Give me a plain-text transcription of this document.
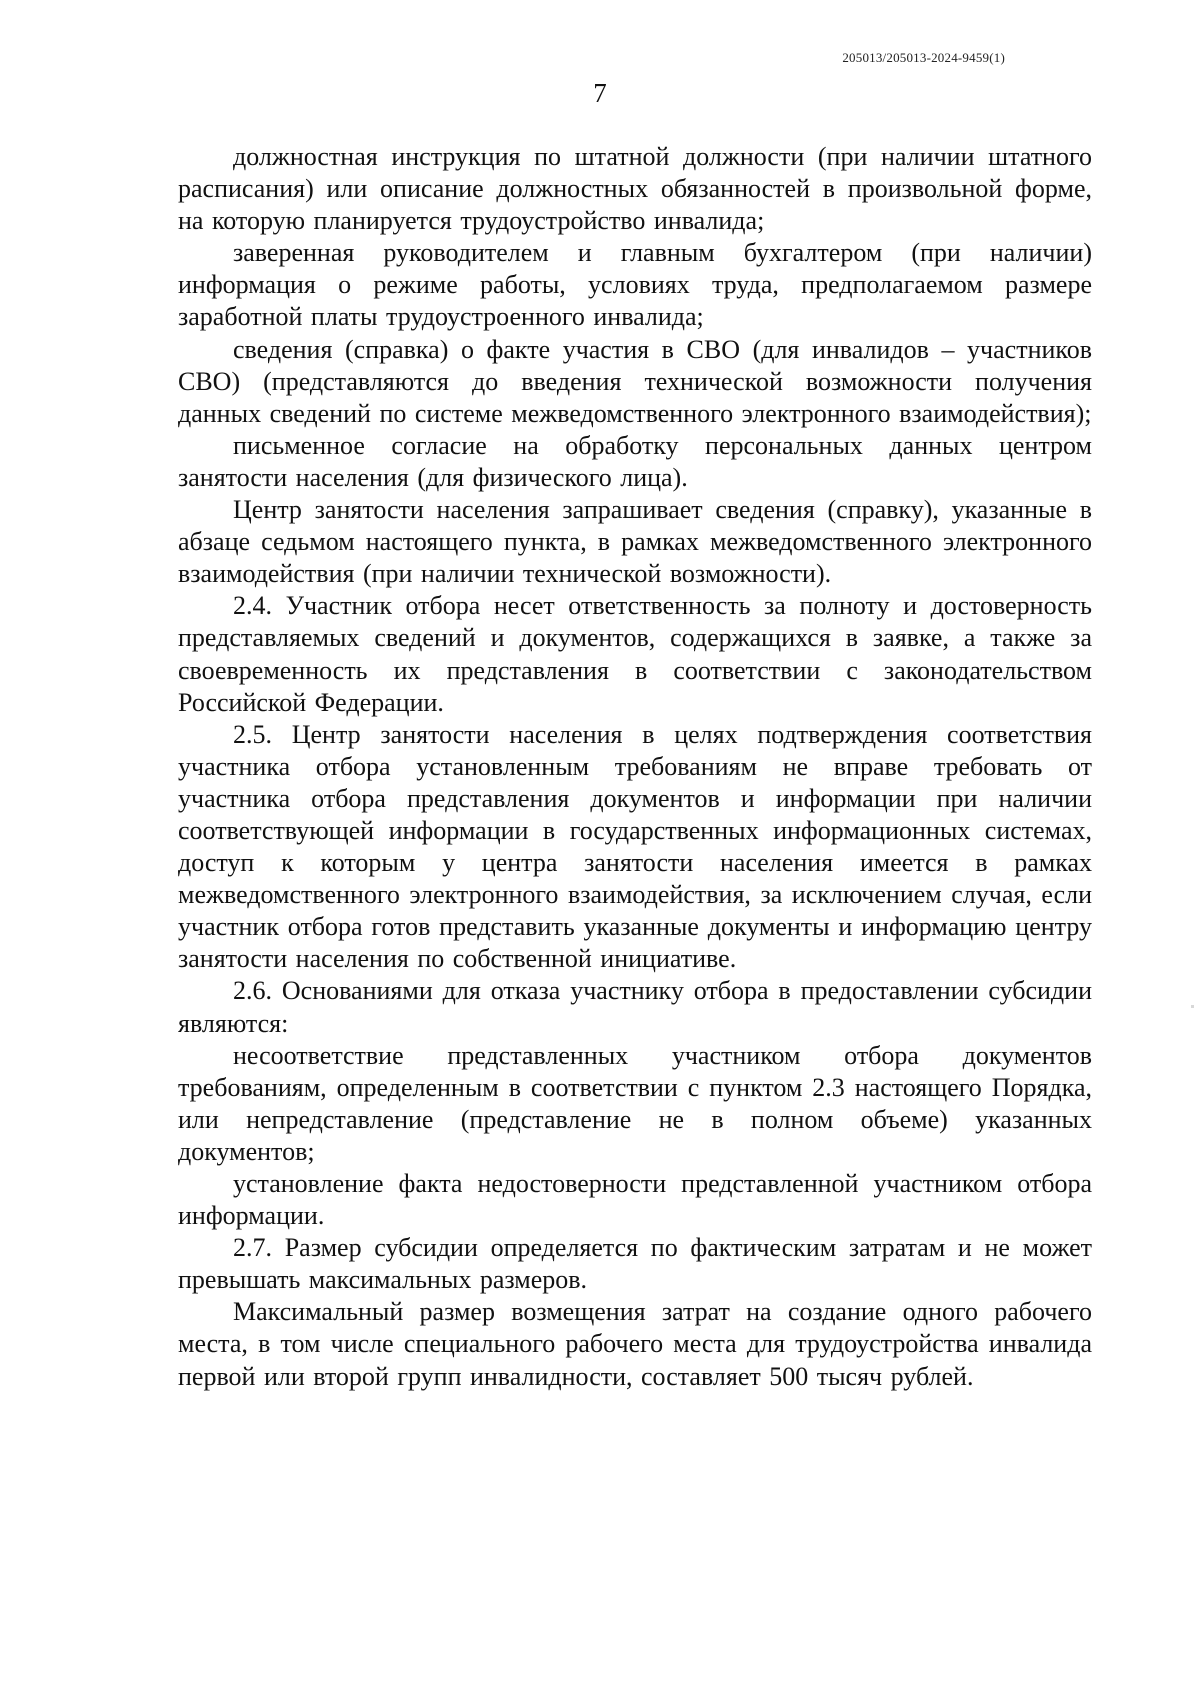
205013/205013-2024-9459(1)
7

должностная инструкция по штатной должности (при наличии штатного расписания) или описание должностных обязанностей в произвольной форме, на которую планируется трудоустройство инвалида;

заверенная руководителем и главным бухгалтером (при наличии) информация о режиме работы, условиях труда, предполагаемом размере заработной платы трудоустроенного инвалида;

сведения (справка) о факте участия в СВО (для инвалидов – участников СВО) (представляются до введения технической возможности получения данных сведений по системе межведомственного электронного взаимодействия);

письменное согласие на обработку персональных данных центром занятости населения (для физического лица).

Центр занятости населения запрашивает сведения (справку), указанные в абзаце седьмом настоящего пункта, в рамках межведомственного электронного взаимодействия (при наличии технической возможности).

2.4. Участник отбора несет ответственность за полноту и достоверность представляемых сведений и документов, содержащихся в заявке, а также за своевременность их представления в соответствии с законодательством Российской Федерации.

2.5. Центр занятости населения в целях подтверждения соответствия участника отбора установленным требованиям не вправе требовать от участника отбора представления документов и информации при наличии соответствующей информации в государственных информационных системах, доступ к которым у центра занятости населения имеется в рамках межведомственного электронного взаимодействия, за исключением случая, если участник отбора готов представить указанные документы и информацию центру занятости населения по собственной инициативе.

2.6. Основаниями для отказа участнику отбора в предоставлении субсидии являются:

несоответствие представленных участником отбора документов требованиям, определенным в соответствии с пунктом 2.3 настоящего Порядка, или непредставление (представление не в полном объеме) указанных документов;

установление факта недостоверности представленной участником отбора информации.

2.7. Размер субсидии определяется по фактическим затратам и не может превышать максимальных размеров.

Максимальный размер возмещения затрат на создание одного рабочего места, в том числе специального рабочего места для трудоустройства инвалида первой или второй групп инвалидности, составляет 500 тысяч рублей.
